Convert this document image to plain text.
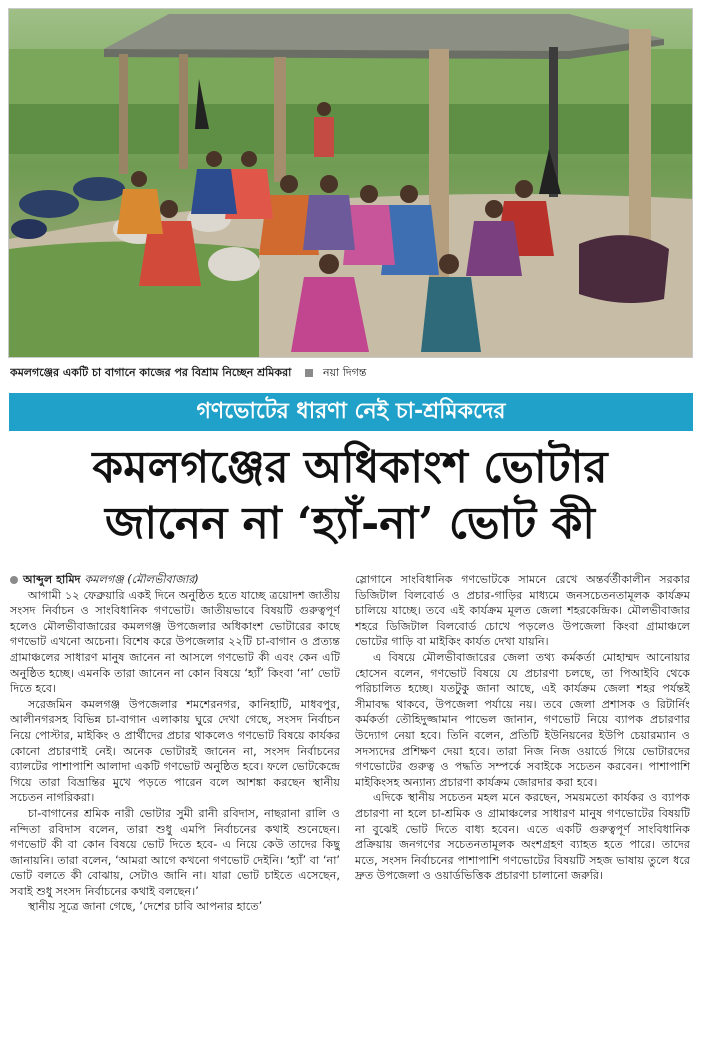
কমলগঞ্জের একটি চা বাগানে কাজের পর বিশ্রাম নিচ্ছেন শ্রমিকরা	নয়া দিগন্ত
গণভোটের ধারণা নেই চা-শ্রমিকদের
কমলগঞ্জের অধিকাংশ ভোটার
জানেন না ‘হ্যাঁ-না’ ভোট কী
আব্দুল হামিদ কমলগঞ্জ (মৌলভীবাজার)

আগামী ১২ ফেব্রুয়ারি একই দিনে অনুষ্ঠিত হতে যাচ্ছে ত্রয়োদশ জাতীয় সংসদ নির্বাচন ও সাংবিধানিক গণভোট। জাতীয়ভাবে বিষয়টি গুরুত্বপূর্ণ হলেও মৌলভীবাজারের কমলগঞ্জ উপজেলার অধিকাংশ ভোটারের কাছে গণভোট এখনো অচেনা। বিশেষ করে উপজেলার ২২টি চা-বাগান ও প্রত্যন্ত গ্রামাঞ্চলের সাধারণ মানুষ জানেন না আসলে গণভোট কী এবং কেন এটি অনুষ্ঠিত হচ্ছে। এমনকি তারা জানেন না কোন বিষয়ে ‘হ্যাঁ’ কিংবা ‘না’ ভোট দিতে হবে।

সরেজমিন কমলগঞ্জ উপজেলার শমশেরনগর, কানিহাটি, মাধবপুর, আলীনগরসহ বিভিন্ন চা-বাগান এলাকায় ঘুরে দেখা গেছে, সংসদ নির্বাচন নিয়ে পোস্টার, মাইকিং ও প্রার্থীদের প্রচার থাকলেও গণভোট বিষয়ে কার্যকর কোনো প্রচারণাই নেই। অনেক ভোটারই জানেন না, সংসদ নির্বাচনের ব্যালটের পাশাপাশি আলাদা একটি গণভোট অনুষ্ঠিত হবে। ফলে ভোটকেন্দ্রে গিয়ে তারা বিভ্রান্তির মুখে পড়তে পারেন বলে আশঙ্কা করছেন স্থানীয় সচেতন নাগরিকরা।

চা-বাগানের শ্রমিক নারী ভোটার সুমী রানী রবিদাস, নাছরানা রালি ও নন্দিতা রবিদাস বলেন, তারা শুধু এমপি নির্বাচনের কথাই শুনেছেন। গণভোট কী বা কোন বিষয়ে ভোট দিতে হবে- এ নিয়ে কেউ তাদের কিছু জানায়নি। তারা বলেন, ‘আমরা আগে কখনো গণভোট দেইনি। ‘হ্যাঁ’ বা ‘না’ ভোট বলতে কী বোঝায়, সেটাও জানি না। যারা ভোট চাইতে এসেছেন, সবাই শুধু সংসদ নির্বাচনের কথাই বলছেন।’

স্থানীয় সূত্রে জানা গেছে, ‘দেশের চাবি আপনার হাতে’

স্লোগানে সাংবিধানিক গণভোটকে সামনে রেখে অন্তর্বর্তীকালীন সরকার ডিজিটাল বিলবোর্ড ও প্রচার-গাড়ির মাধ্যমে জনসচেতনতামূলক কার্যক্রম চালিয়ে যাচ্ছে। তবে এই কার্যক্রম মূলত জেলা শহরকেন্দ্রিক। মৌলভীবাজার শহরে ডিজিটাল বিলবোর্ড চোখে পড়লেও উপজেলা কিংবা গ্রামাঞ্চলে ভোটের গাড়ি বা মাইকিং কার্যত দেখা যায়নি।

এ বিষয়ে মৌলভীবাজারের জেলা তথ্য কর্মকর্তা মোহাম্মদ আনোয়ার হোসেন বলেন, গণভোট বিষয়ে যে প্রচারণা চলছে, তা পিআইবি থেকে পরিচালিত হচ্ছে। যতটুকু জানা আছে, এই কার্যক্রম জেলা শহর পর্যন্তই সীমাবদ্ধ থাকবে, উপজেলা পর্যায়ে নয়। তবে জেলা প্রশাসক ও রিটার্নিং কর্মকর্তা তৌহিদুজ্জামান পাভেল জানান, গণভোট নিয়ে ব্যাপক প্রচারণার উদ্যোগ নেয়া হবে। তিনি বলেন, প্রতিটি ইউনিয়নের ইউপি চেয়ারম্যান ও সদস্যদের প্রশিক্ষণ দেয়া হবে। তারা নিজ নিজ ওয়ার্ডে গিয়ে ভোটারদের গণভোটের গুরুত্ব ও পদ্ধতি সম্পর্কে সবাইকে সচেতন করবেন। পাশাপাশি মাইকিংসহ অন্যান্য প্রচারণা কার্যক্রম জোরদার করা হবে।

এদিকে স্থানীয় সচেতন মহল মনে করছেন, সময়মতো কার্যকর ও ব্যাপক প্রচারণা না হলে চা-শ্রমিক ও গ্রামাঞ্চলের সাধারণ মানুষ গণভোটের বিষয়টি না বুঝেই ভোট দিতে বাধ্য হবেন। এতে একটি গুরুত্বপূর্ণ সাংবিধানিক প্রক্রিয়ায় জনগণের সচেতনতামূলক অংশগ্রহণ ব্যাহত হতে পারে। তাদের মতে, সংসদ নির্বাচনের পাশাপাশি গণভোটের বিষয়টি সহজ ভাষায় তুলে ধরে দ্রুত উপজেলা ও ওয়ার্ডভিত্তিক প্রচারণা চালানো জরুরি।
